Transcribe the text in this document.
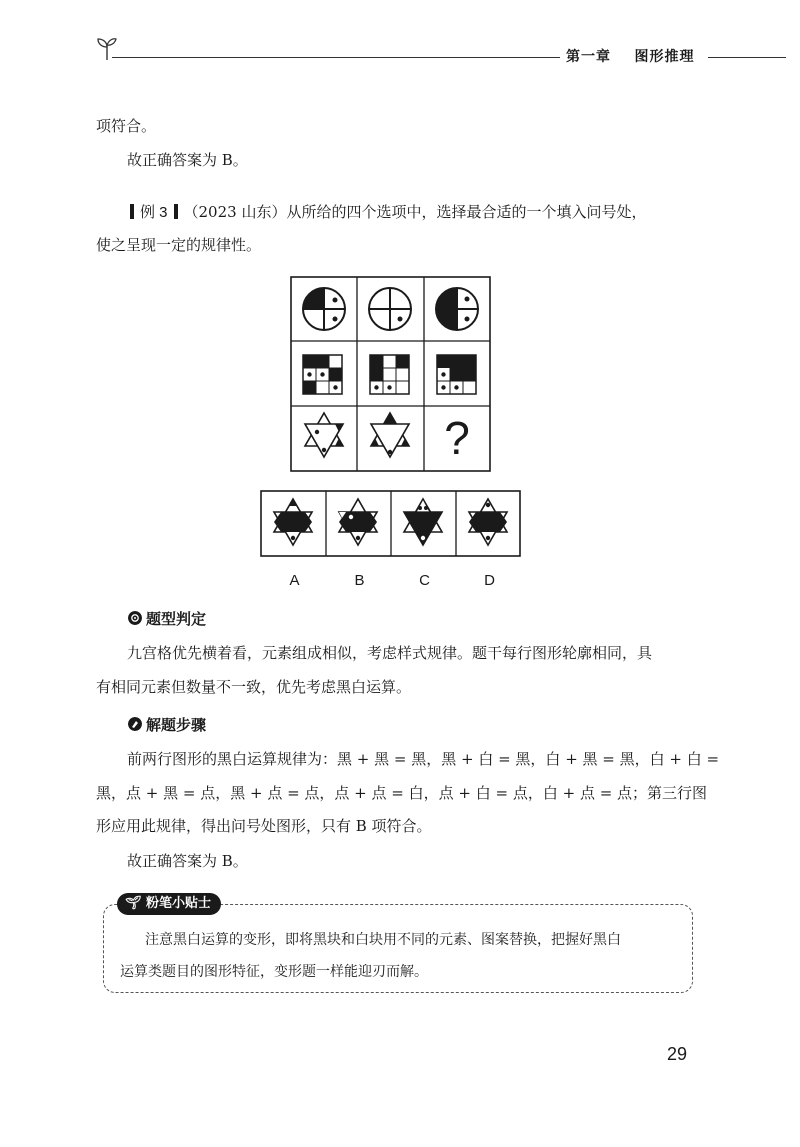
第一章 图形推理
项符合。
故正确答案为 B。
例 3 （2023 山东）从所给的四个选项中，选择最合适的一个填入问号处，
使之呈现一定的规律性。
?
A	B	C	D
题型判定
九宫格优先横着看，元素组成相似，考虑样式规律。题干每行图形轮廓相同，具
有相同元素但数量不一致，优先考虑黑白运算。
解题步骤
前两行图形的黑白运算规律为：黑 + 黑 = 黑，黑 + 白 = 黑，白 + 黑 = 黑，白 + 白 =
黑，点 + 黑 = 点，黑 + 点 = 点，点 + 点 = 白，点 + 白 = 点，白 + 点 = 点；第三行图
形应用此规律，得出问号处图形，只有 B 项符合。
故正确答案为 B。
🌱︎ 粉笔小贴士
注意黑白运算的变形，即将黑块和白块用不同的元素、图案替换，把握好黑白
运算类题目的图形特征，变形题一样能迎刃而解。
29
